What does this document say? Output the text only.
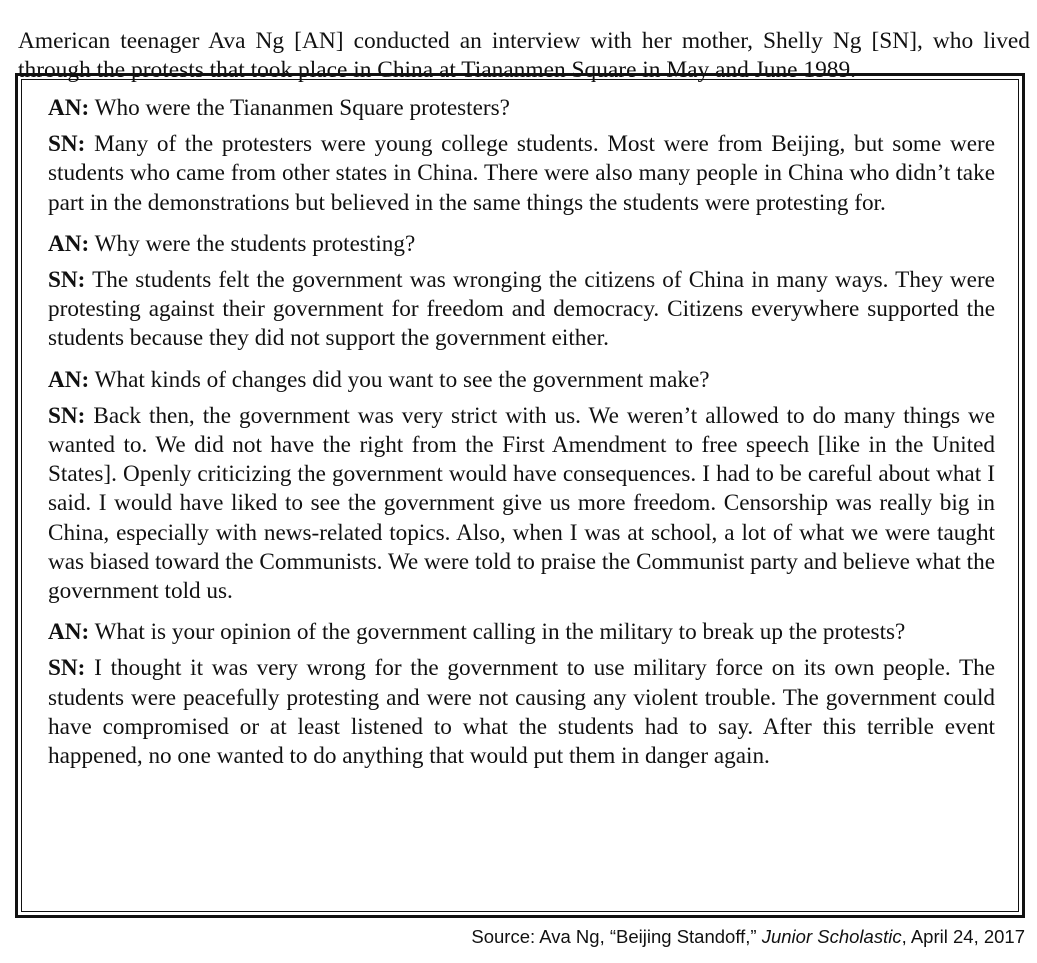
American teenager Ava Ng [AN] conducted an interview with her mother, Shelly Ng [SN], who lived through the protests that took place in China at Tiananmen Square in May and June 1989.

AN: Who were the Tiananmen Square protesters?

SN: Many of the protesters were young college students. Most were from Beijing, but some were students who came from other states in China. There were also many people in China who didn’t take part in the demonstrations but believed in the same things the students were protesting for.

AN: Why were the students protesting?

SN: The students felt the government was wronging the citizens of China in many ways. They were protesting against their government for freedom and democracy. Citizens everywhere supported the students because they did not support the government either.

AN: What kinds of changes did you want to see the government make?

SN: Back then, the government was very strict with us. We weren’t allowed to do many things we wanted to. We did not have the right from the First Amendment to free speech [like in the United States]. Openly criticizing the government would have consequences. I had to be careful about what I said. I would have liked to see the government give us more freedom. Censorship was really big in China, especially with news-related topics. Also, when I was at school, a lot of what we were taught was biased toward the Communists. We were told to praise the Communist party and believe what the government told us.

AN: What is your opinion of the government calling in the military to break up the protests?

SN: I thought it was very wrong for the government to use military force on its own people. The students were peacefully protesting and were not causing any violent trouble. The government could have compromised or at least listened to what the students had to say. After this terrible event happened, no one wanted to do anything that would put them in danger again.

Source: Ava Ng, “Beijing Standoff,” Junior Scholastic, April 24, 2017
